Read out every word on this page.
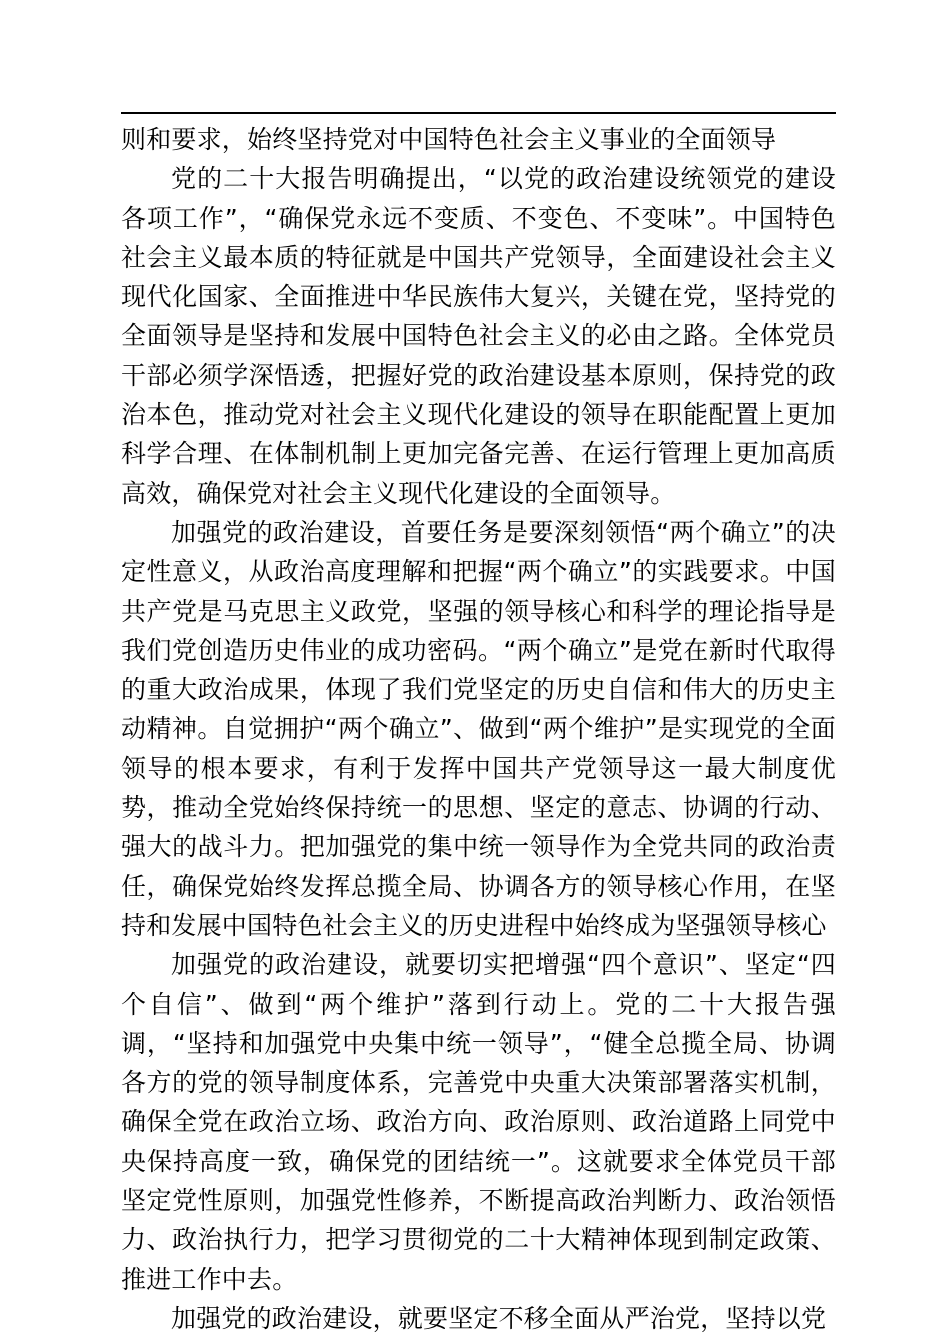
则和要求，始终坚持党对中国特色社会主义事业的全面领导

党的二十大报告明确提出，“以党的政治建设统领党的建设各项工作”，“确保党永远不变质、不变色、不变味”。中国特色社会主义最本质的特征就是中国共产党领导，全面建设社会主义现代化国家、全面推进中华民族伟大复兴，关键在党，坚持党的全面领导是坚持和发展中国特色社会主义的必由之路。全体党员干部必须学深悟透，把握好党的政治建设基本原则，保持党的政治本色，推动党对社会主义现代化建设的领导在职能配置上更加科学合理、在体制机制上更加完备完善、在运行管理上更加高质高效，确保党对社会主义现代化建设的全面领导。

加强党的政治建设，首要任务是要深刻领悟“两个确立”的决定性意义，从政治高度理解和把握“两个确立”的实践要求。中国共产党是马克思主义政党，坚强的领导核心和科学的理论指导是我们党创造历史伟业的成功密码。“两个确立”是党在新时代取得的重大政治成果，体现了我们党坚定的历史自信和伟大的历史主动精神。自觉拥护“两个确立”、做到“两个维护”是实现党的全面领导的根本要求，有利于发挥中国共产党领导这一最大制度优势，推动全党始终保持统一的思想、坚定的意志、协调的行动、强大的战斗力。把加强党的集中统一领导作为全党共同的政治责任，确保党始终发挥总揽全局、协调各方的领导核心作用，在坚持和发展中国特色社会主义的历史进程中始终成为坚强领导核心

加强党的政治建设，就要切实把增强“四个意识”、坚定“四个自信”、做到“两个维护”落到行动上。党的二十大报告强调，“坚持和加强党中央集中统一领导”，“健全总揽全局、协调各方的党的领导制度体系，完善党中央重大决策部署落实机制，确保全党在政治立场、政治方向、政治原则、政治道路上同党中央保持高度一致，确保党的团结统一”。这就要求全体党员干部坚定党性原则，加强党性修养，不断提高政治判断力、政治领悟力、政治执行力，把学习贯彻党的二十大精神体现到制定政策、推进工作中去。

加强党的政治建设，就要坚定不移全面从严治党，坚持以党
